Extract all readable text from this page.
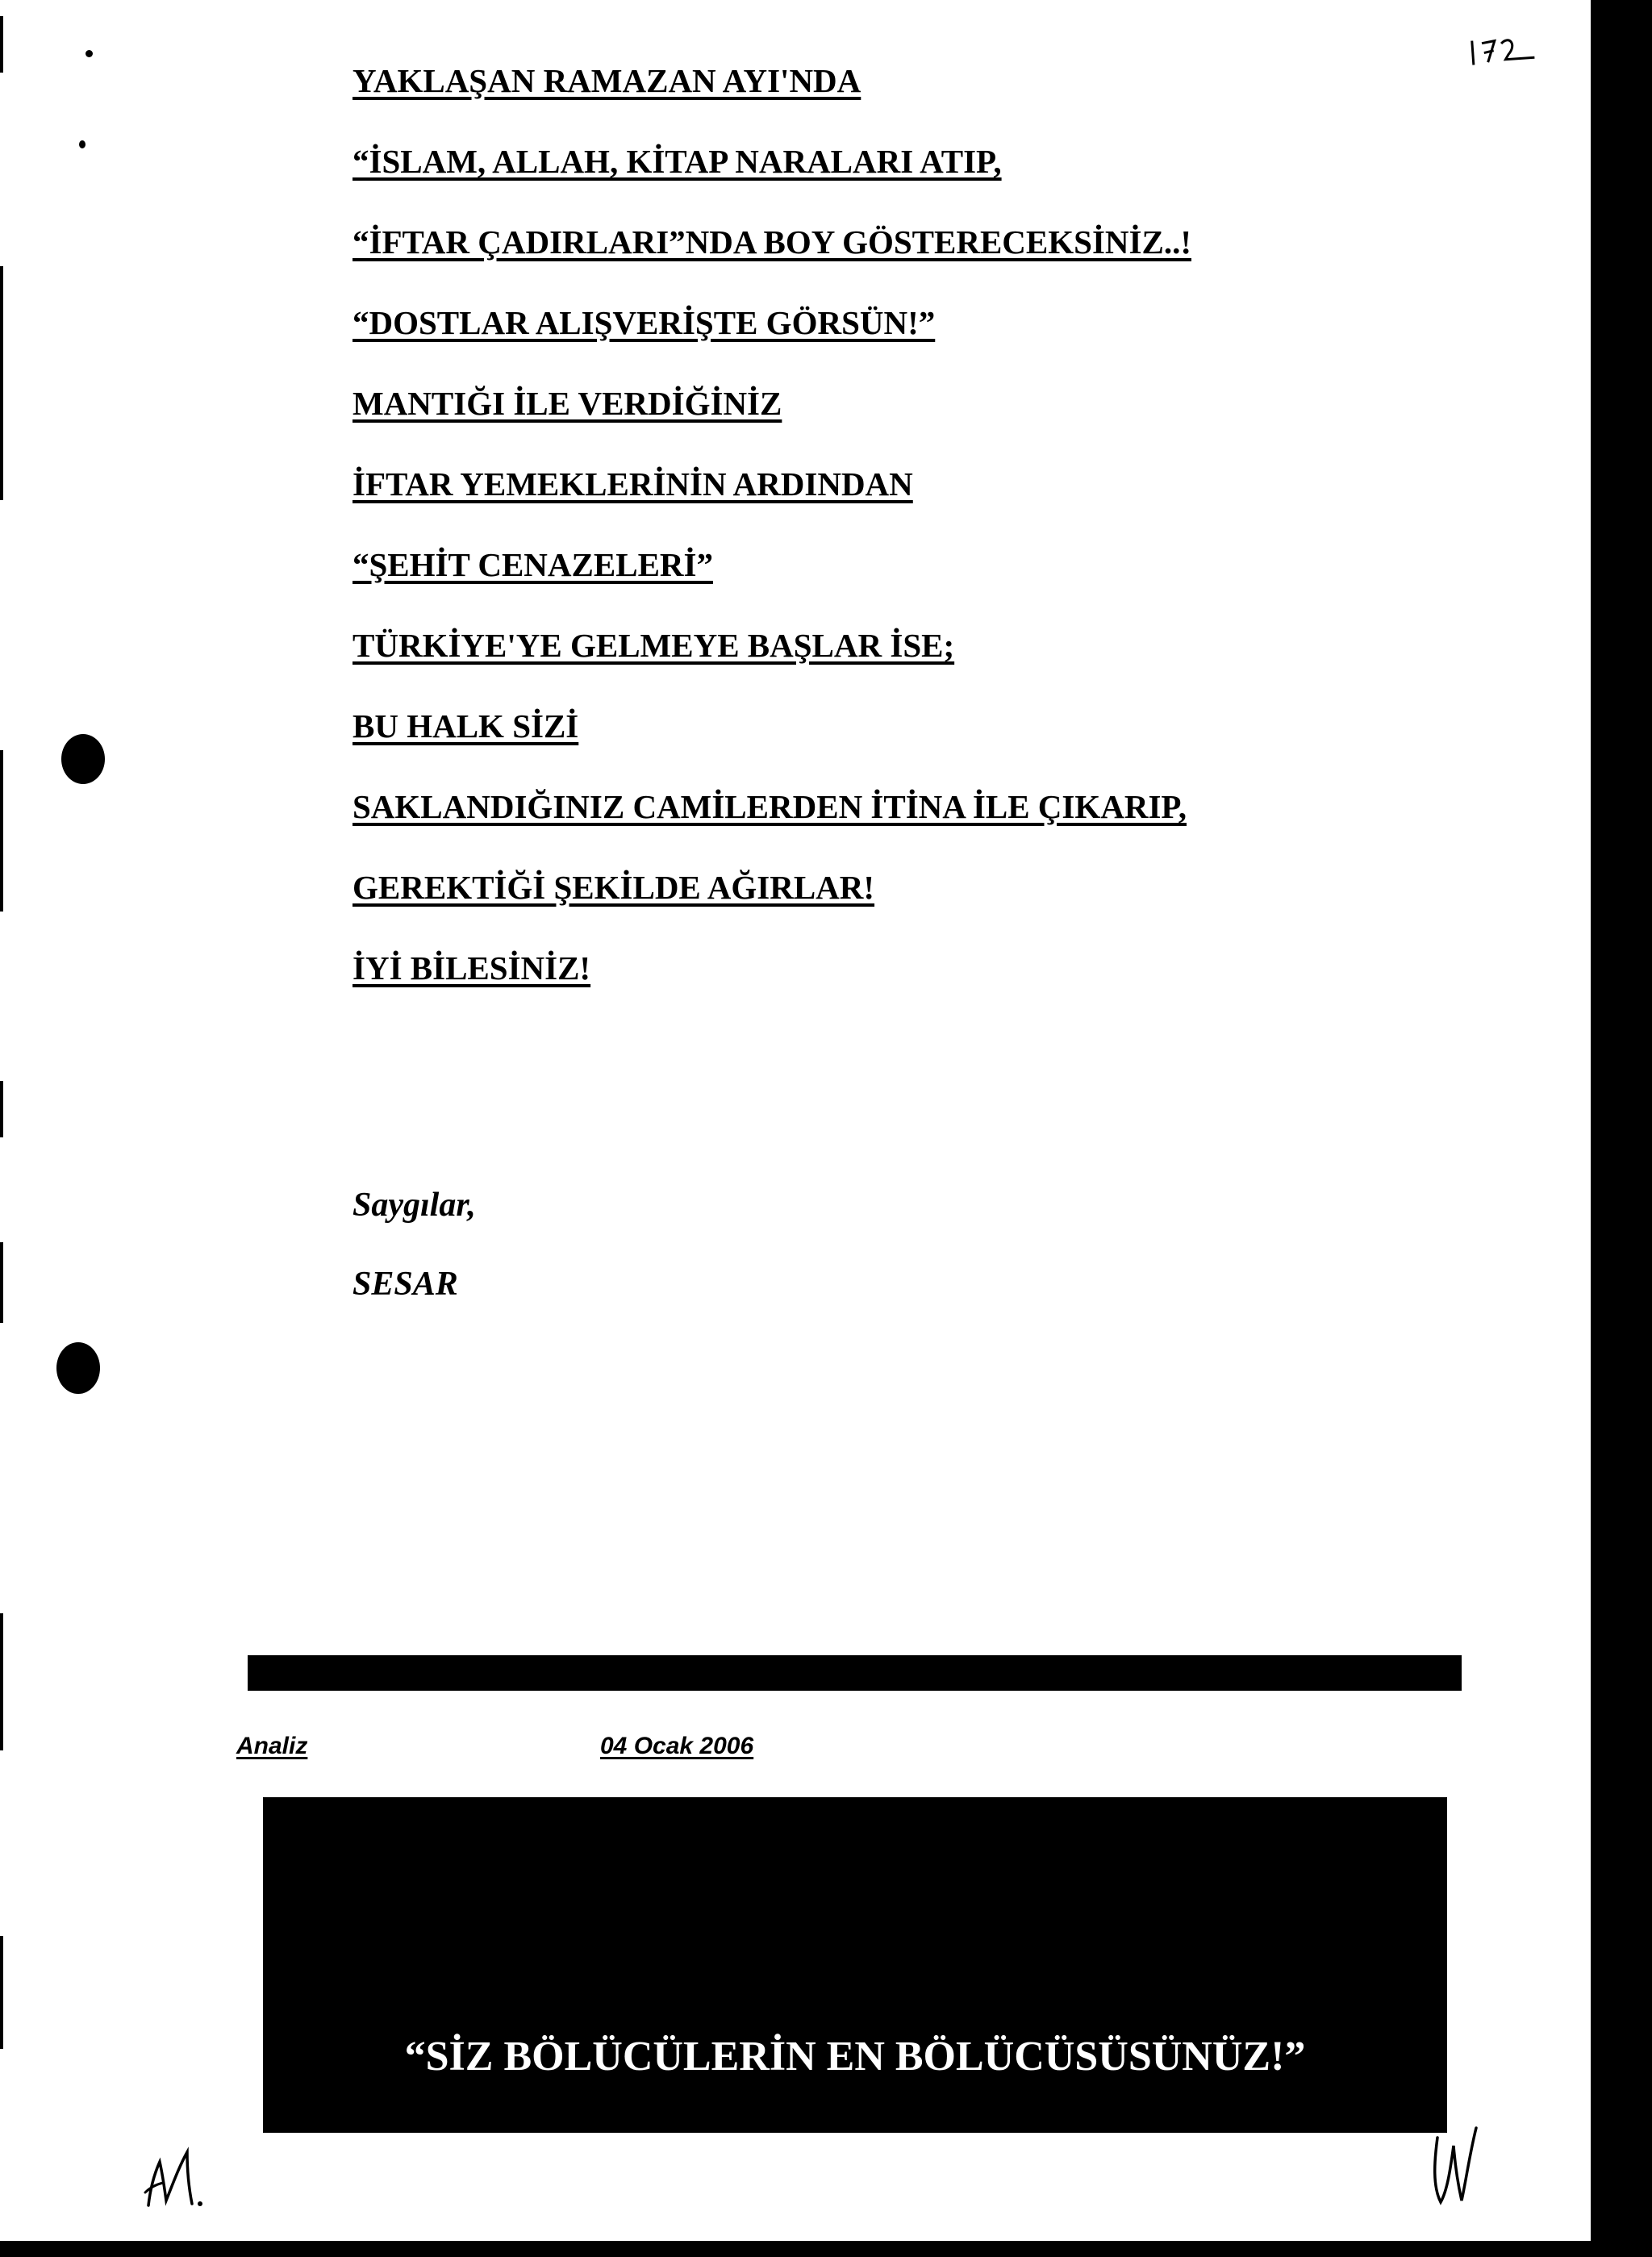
YAKLAŞAN RAMAZAN AYI'NDA
“İSLAM, ALLAH, KİTAP NARALARI ATIP,
“İFTAR ÇADIRLARI”NDA BOY GÖSTERECEKSİNİZ..!
“DOSTLAR ALIŞVERİŞTE GÖRSÜN!”
MANTIĞI İLE VERDİĞİNİZ
İFTAR YEMEKLERİNİN ARDINDAN
“ŞEHİT CENAZELERİ”
TÜRKİYE'YE GELMEYE BAŞLAR İSE;
BU HALK SİZİ
SAKLANDIĞINIZ CAMİLERDEN İTİNA İLE ÇIKARIP,
GEREKTİĞİ ŞEKİLDE AĞIRLAR!
İYİ BİLESİNİZ!
Saygılar,
SESAR
Analiz	04 Ocak 2006
“SİZ BÖLÜCÜLERİN EN BÖLÜCÜSÜSÜNÜZ!”
